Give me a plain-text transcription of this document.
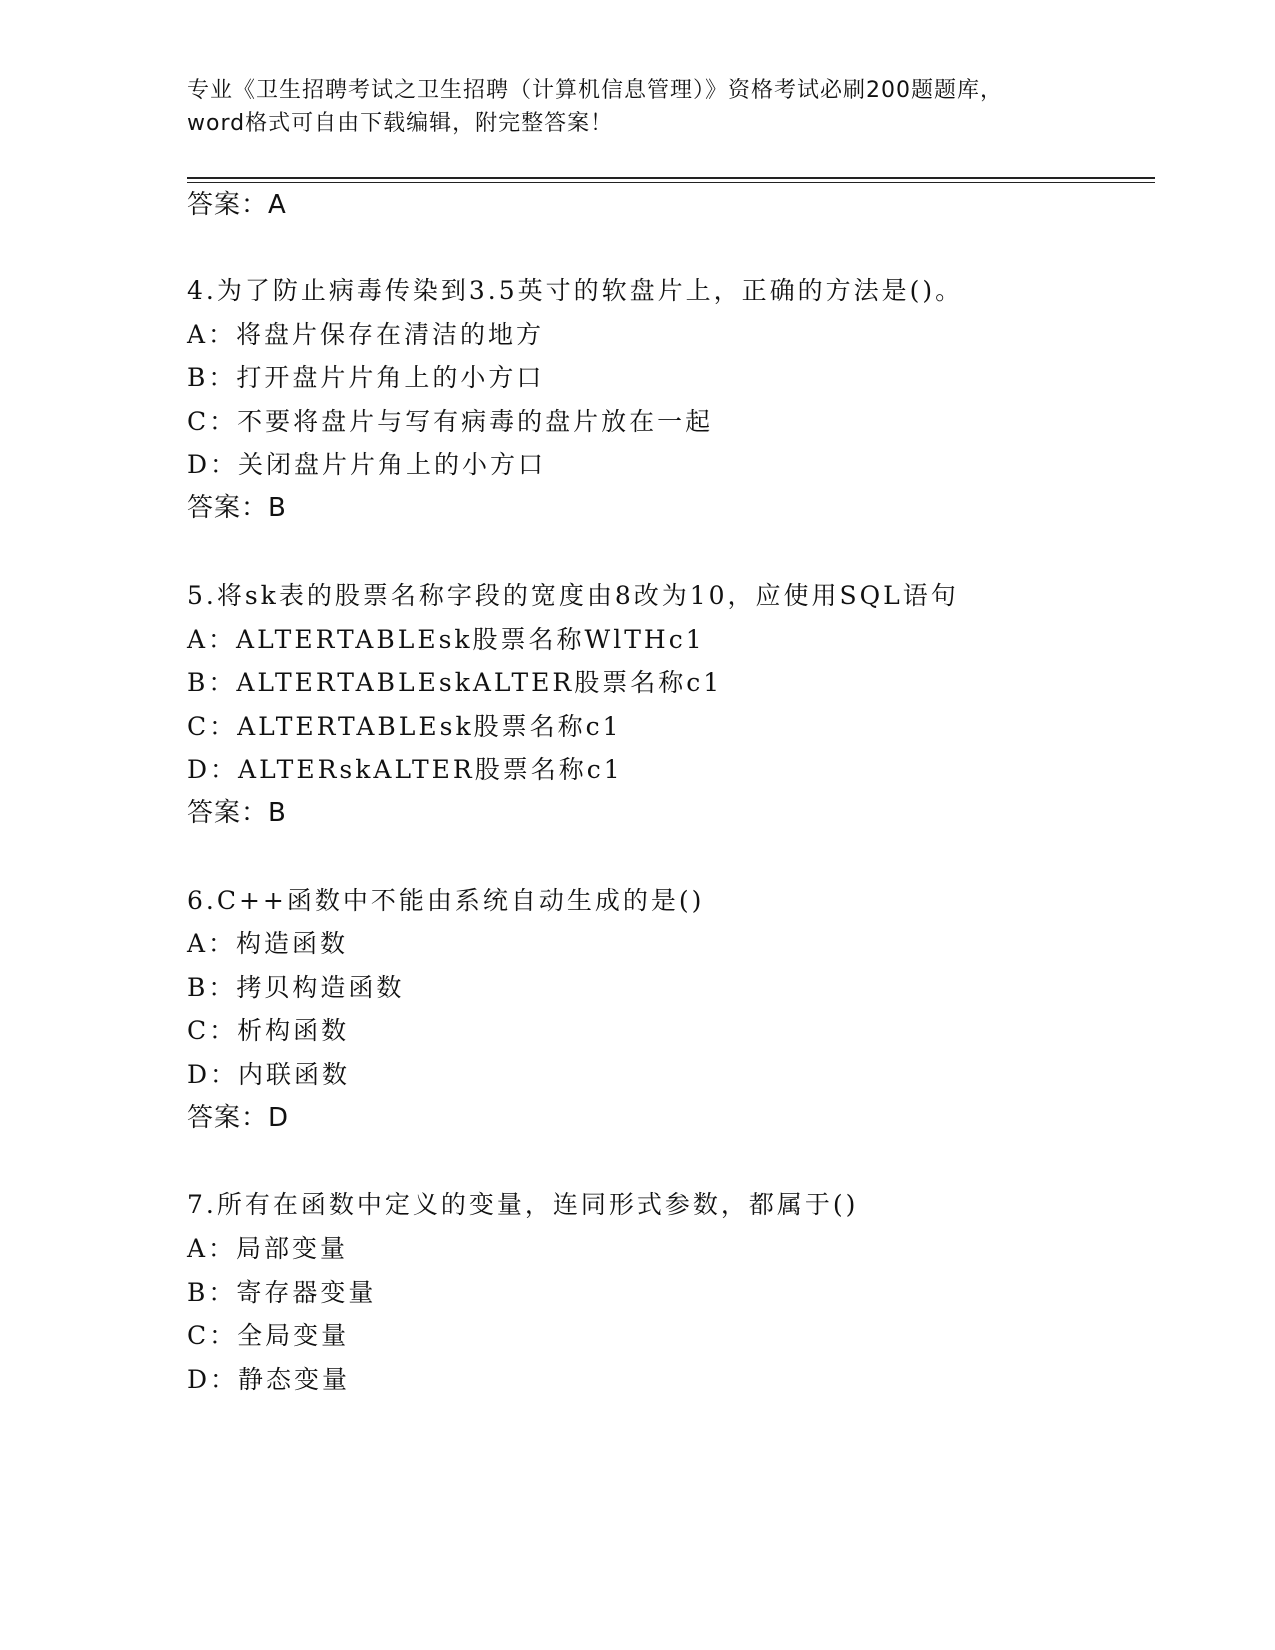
专业《卫生招聘考试之卫生招聘（计算机信息管理）》资格考试必刷200题题库，
word格式可自由下载编辑，附完整答案！
答案：A
4.为了防止病毒传染到3.5英寸的软盘片上，正确的方法是()。
A：将盘片保存在清洁的地方
B：打开盘片片角上的小方口
C：不要将盘片与写有病毒的盘片放在一起
D：关闭盘片片角上的小方口
答案：B
5.将sk表的股票名称字段的宽度由8改为10，应使用SQL语句
A：ALTERTABLEsk股票名称WlTHc1
B：ALTERTABLEskALTER股票名称c1
C：ALTERTABLEsk股票名称c1
D：ALTERskALTER股票名称c1
答案：B
6.C++函数中不能由系统自动生成的是()
A：构造函数
B：拷贝构造函数
C：析构函数
D：内联函数
答案：D
7.所有在函数中定义的变量，连同形式参数，都属于()
A：局部变量
B：寄存器变量
C：全局变量
D：静态变量
